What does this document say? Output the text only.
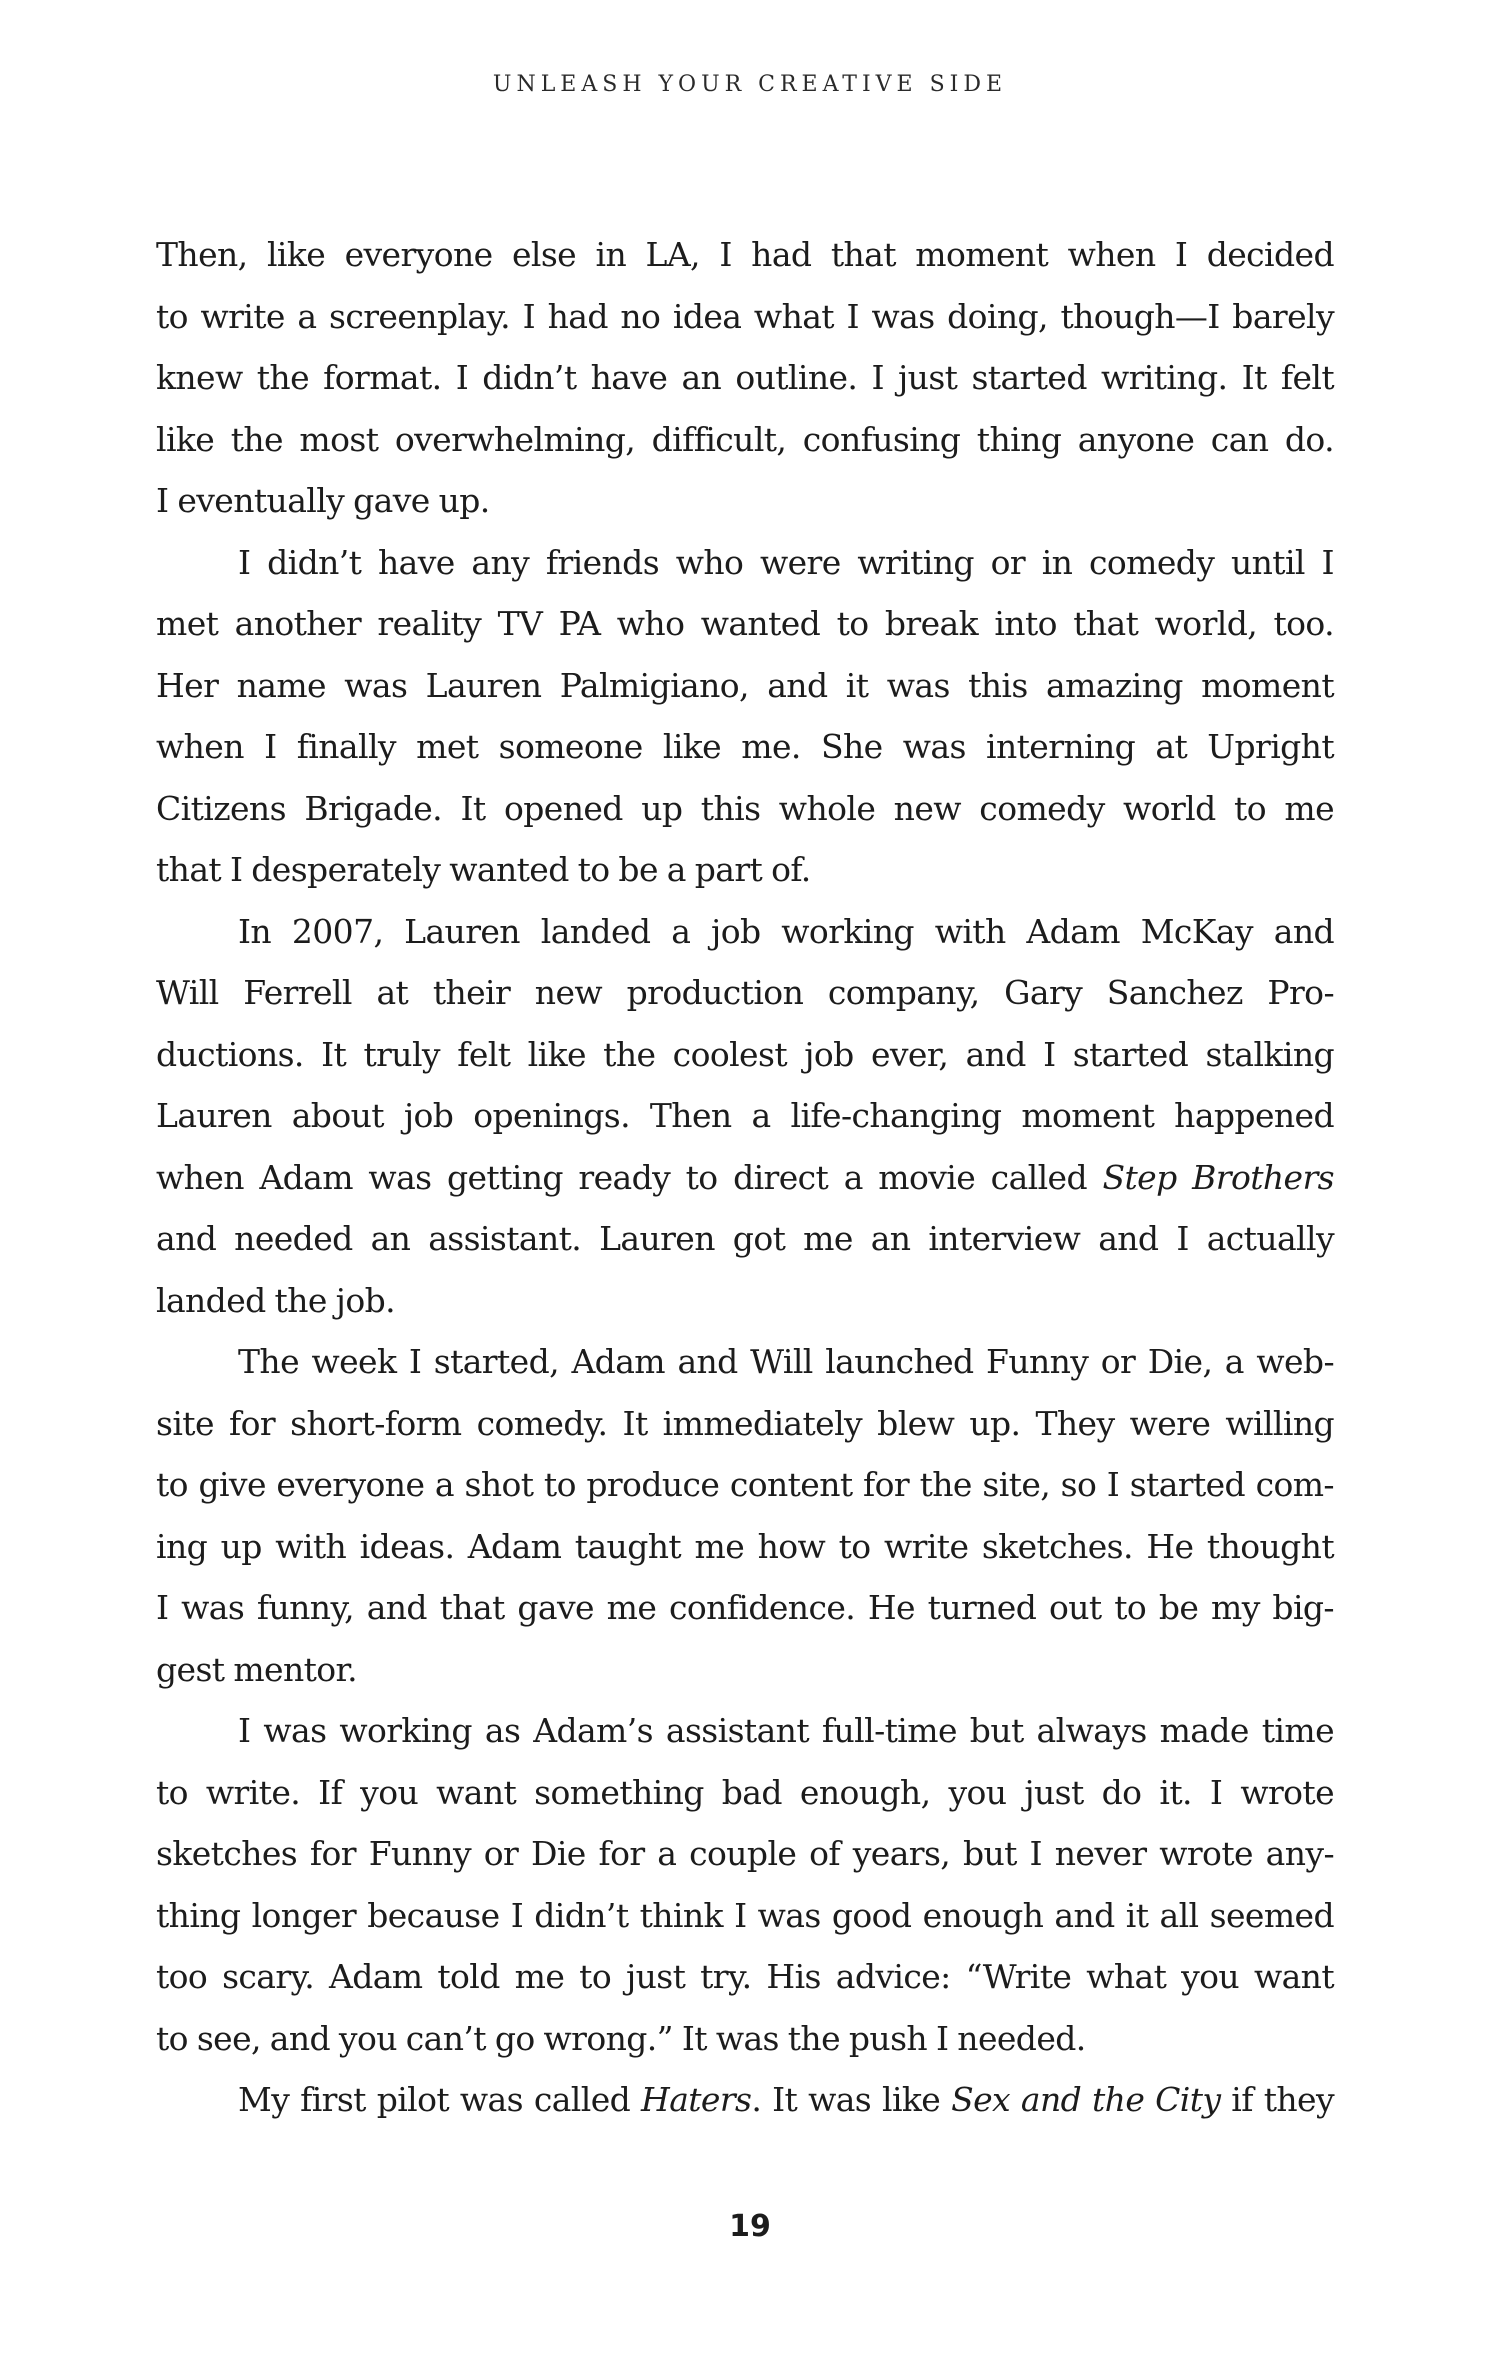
UNLEASH YOUR CREATIVE SIDE

Then, like everyone else in LA, I had that moment when I decided
to write a screenplay. I had no idea what I was doing, though—I barely
knew the format. I didn’t have an outline. I just started writing. It felt
like the most overwhelming, difficult, confusing thing anyone can do.
I eventually gave up.

I didn’t have any friends who were writing or in comedy until I
met another reality TV PA who wanted to break into that world, too.
Her name was Lauren Palmigiano, and it was this amazing moment
when I finally met someone like me. She was interning at Upright
Citizens Brigade. It opened up this whole new comedy world to me
that I desperately wanted to be a part of.

In 2007, Lauren landed a job working with Adam McKay and
Will Ferrell at their new production company, Gary Sanchez Pro-
ductions. It truly felt like the coolest job ever, and I started stalking
Lauren about job openings. Then a life-changing moment happened
when Adam was getting ready to direct a movie called Step Brothers
and needed an assistant. Lauren got me an interview and I actually
landed the job.

The week I started, Adam and Will launched Funny or Die, a web-
site for short-form comedy. It immediately blew up. They were willing
to give everyone a shot to produce content for the site, so I started com-
ing up with ideas. Adam taught me how to write sketches. He thought
I was funny, and that gave me confidence. He turned out to be my big-
gest mentor.

I was working as Adam’s assistant full-time but always made time
to write. If you want something bad enough, you just do it. I wrote
sketches for Funny or Die for a couple of years, but I never wrote any-
thing longer because I didn’t think I was good enough and it all seemed
too scary. Adam told me to just try. His advice: “Write what you want
to see, and you can’t go wrong.” It was the push I needed.

My first pilot was called Haters. It was like Sex and the City if they

19
